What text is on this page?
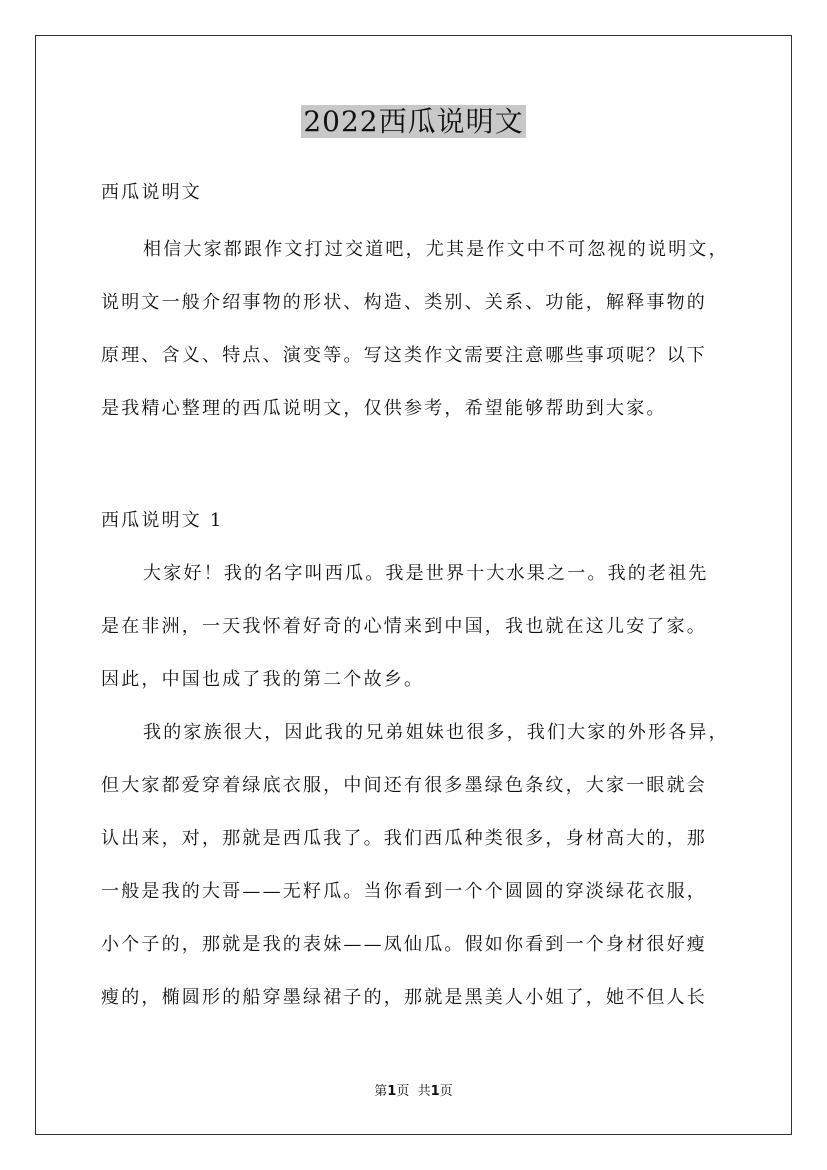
2022西瓜说明文
西瓜说明文
相信大家都跟作文打过交道吧，尤其是作文中不可忽视的说明文，
说明文一般介绍事物的形状、构造、类别、关系、功能，解释事物的
原理、含义、特点、演变等。写这类作文需要注意哪些事项呢？以下
是我精心整理的西瓜说明文，仅供参考，希望能够帮助到大家。
西瓜说明文 1
大家好！我的名字叫西瓜。我是世界十大水果之一。我的老祖先
是在非洲，一天我怀着好奇的心情来到中国，我也就在这儿安了家。
因此，中国也成了我的第二个故乡。
我的家族很大，因此我的兄弟姐妹也很多，我们大家的外形各异，
但大家都爱穿着绿底衣服，中间还有很多墨绿色条纹，大家一眼就会
认出来，对，那就是西瓜我了。我们西瓜种类很多，身材高大的，那
一般是我的大哥——无籽瓜。当你看到一个个圆圆的穿淡绿花衣服，
小个子的，那就是我的表妹——凤仙瓜。假如你看到一个身材很好瘦
瘦的，椭圆形的船穿墨绿裙子的，那就是黑美人小姐了，她不但人长
第1页 共1页
